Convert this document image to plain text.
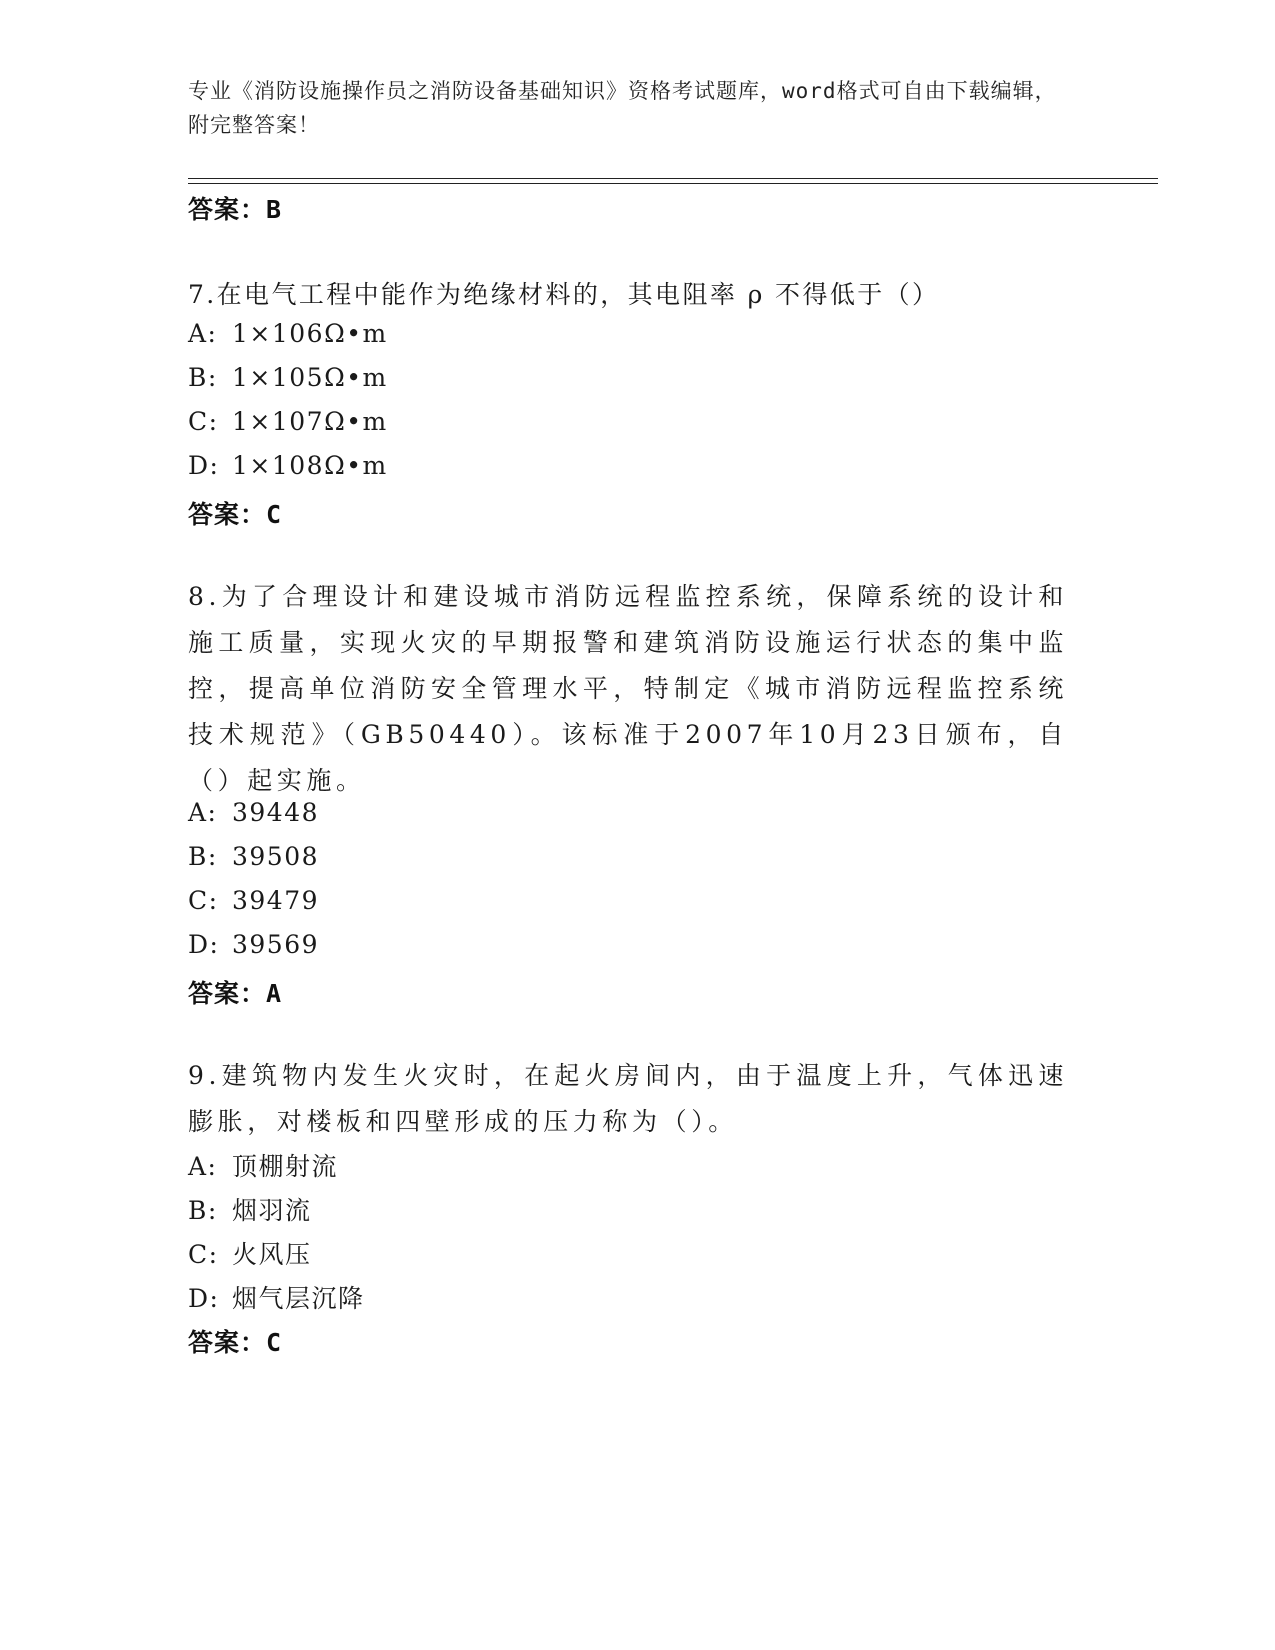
专业《消防设施操作员之消防设备基础知识》资格考试题库，word格式可自由下载编辑，附完整答案！
答案：B
7.在电气工程中能作为绝缘材料的，其电阻率 ρ 不得低于（）
A: 1×106Ω•m
B: 1×105Ω•m
C: 1×107Ω•m
D: 1×108Ω•m
答案：C
8.为了合理设计和建设城市消防远程监控系统，保障系统的设计和施工质量，实现火灾的早期报警和建筑消防设施运行状态的集中监控，提高单位消防安全管理水平，特制定《城市消防远程监控系统技术规范》（GB50440）。该标准于2007年10月23日颁布，自（）起实施。
A: 39448
B: 39508
C: 39479
D: 39569
答案：A
9.建筑物内发生火灾时，在起火房间内，由于温度上升，气体迅速膨胀，对楼板和四壁形成的压力称为（）。
A: 顶棚射流
B: 烟羽流
C: 火风压
D: 烟气层沉降
答案：C
